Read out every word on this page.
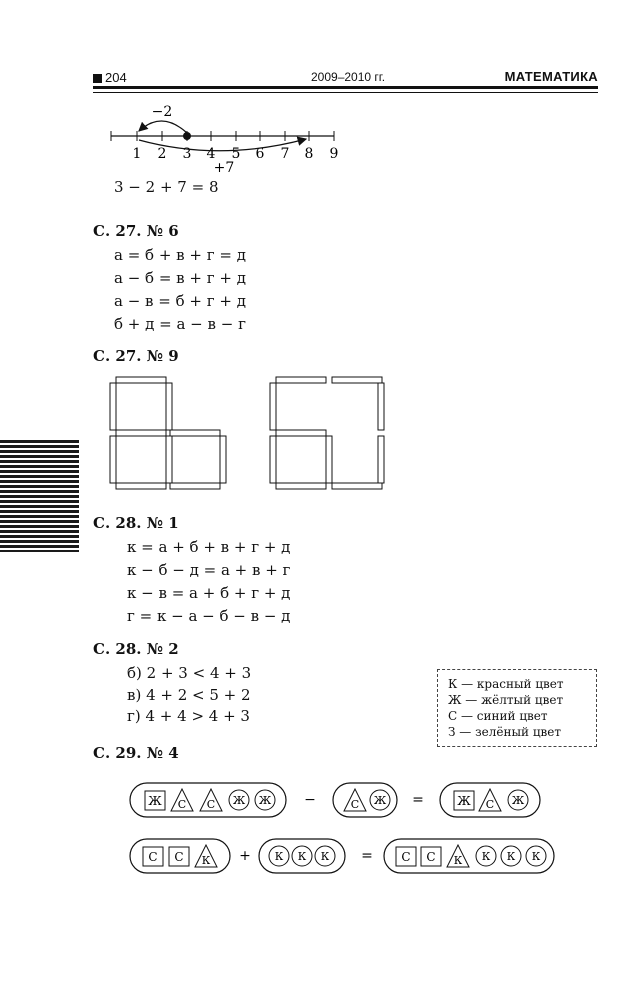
204	2009–2010 гг.	МАТЕМАТИКА
1 2 3 4 5 6 7 8 9
−2
+7
Ж С С Ж Ж −	С Ж =	Ж С Ж
С С К + К К К = С С К К К К
3 − 2 + 7 = 8
С. 27. № 6
а = б + в + г = д
а − б = в + г + д
а − в = б + г + д
б + д = а − в − г
С. 27. № 9
С. 28. № 1
к = а + б + в + г + д
к − б − д = а + в + г
к − в = а + б + г + д
г = к − а − б − в − д
С. 28. № 2
б) 2 + 3 < 4 + 3
в) 4 + 2 < 5 + 2
г) 4 + 4 > 4 + 3
К — красный цвет
Ж — жёлтый цвет
С — синий цвет
З — зелёный цвет
С. 29. № 4
